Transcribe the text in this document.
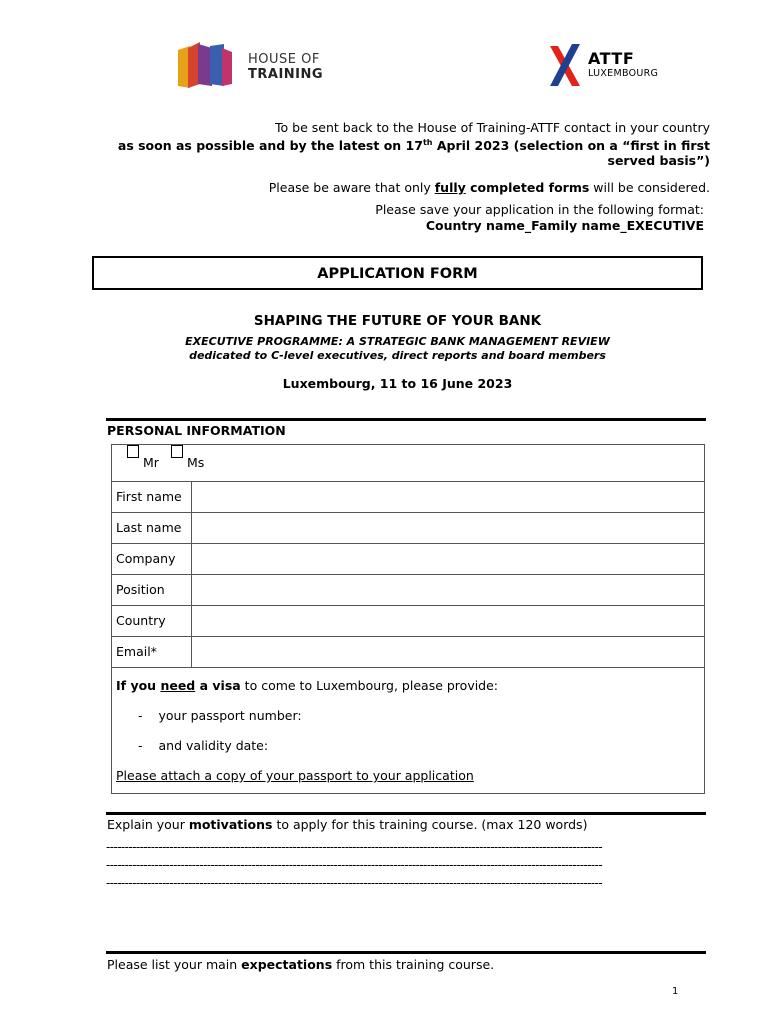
HOUSE OF
TRAINING
ATTF
LUXEMBOURG
To be sent back to the House of Training-ATTF contact in your country
as soon as possible and by the latest on 17th April 2023 (selection on a “first in first
served basis”)
Please be aware that only fully completed forms will be considered.
Please save your application in the following format:
Country name_Family name_EXECUTIVE
APPLICATION FORM
SHAPING THE FUTURE OF YOUR BANK
EXECUTIVE PROGRAMME: A STRATEGIC BANK MANAGEMENT REVIEW
dedicated to C-level executives, direct reports and board members
Luxembourg, 11 to 16 June 2023
PERSONAL INFORMATION
Mr Ms
First name
Last name
Company
Position
Country
Email*
If you need a visa to come to Luxembourg, please provide:
- your passport number:
- and validity date:
Please attach a copy of your passport to your application
Explain your motivations to apply for this training course. (max 120 words)
-------------------------------------------------------------------------------------------------------------------------------------
-------------------------------------------------------------------------------------------------------------------------------------
-------------------------------------------------------------------------------------------------------------------------------------
Please list your main expectations from this training course.
1
